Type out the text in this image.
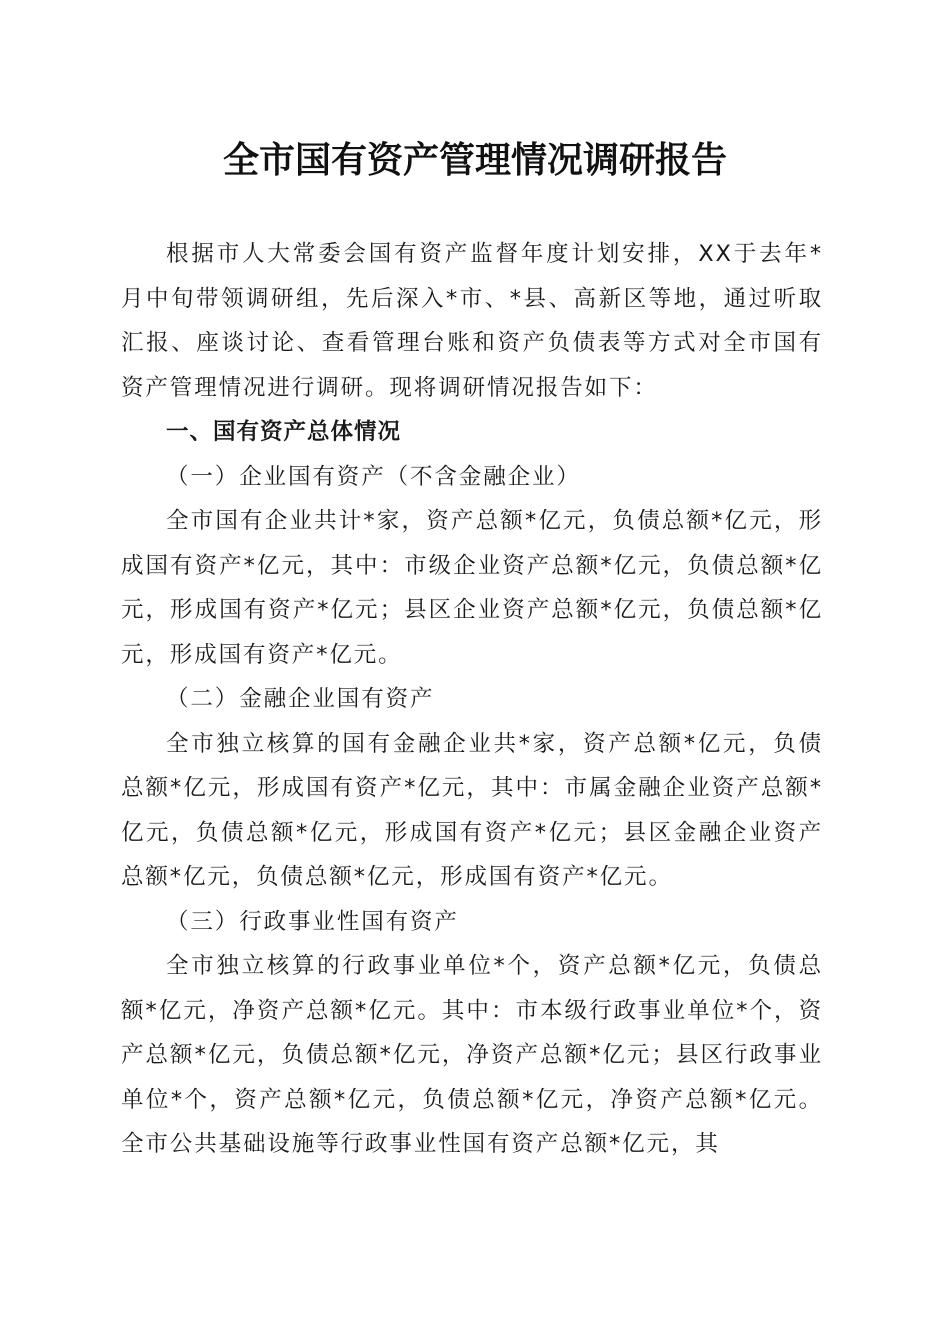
全市国有资产管理情况调研报告

根据市人大常委会国有资产监督年度计划安排，XX于去年*月中旬带领调研组，先后深入*市、*县、高新区等地，通过听取汇报、座谈讨论、查看管理台账和资产负债表等方式对全市国有资产管理情况进行调研。现将调研情况报告如下：

一、国有资产总体情况

（一）企业国有资产（不含金融企业）

全市国有企业共计*家，资产总额*亿元，负债总额*亿元，形成国有资产*亿元，其中：市级企业资产总额*亿元，负债总额*亿元，形成国有资产*亿元；县区企业资产总额*亿元，负债总额*亿元，形成国有资产*亿元。

（二）金融企业国有资产

全市独立核算的国有金融企业共*家，资产总额*亿元，负债总额*亿元，形成国有资产*亿元，其中：市属金融企业资产总额*亿元，负债总额*亿元，形成国有资产*亿元；县区金融企业资产总额*亿元，负债总额*亿元，形成国有资产*亿元。

（三）行政事业性国有资产

全市独立核算的行政事业单位*个，资产总额*亿元，负债总额*亿元，净资产总额*亿元。其中：市本级行政事业单位*个，资产总额*亿元，负债总额*亿元，净资产总额*亿元；县区行政事业单位*个，资产总额*亿元，负债总额*亿元，净资产总额*亿元。全市公共基础设施等行政事业性国有资产总额*亿元，其
